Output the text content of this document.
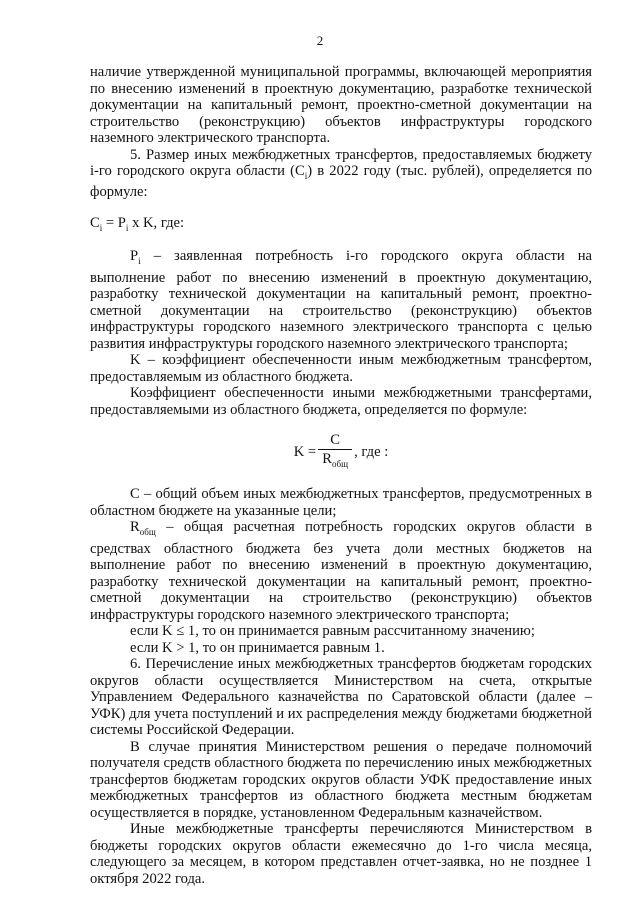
2

наличие утвержденной муниципальной программы, включающей мероприятия по внесению изменений в проектную документацию, разработке технической документации на капитальный ремонт, проектно-сметной документации на строительство (реконструкцию) объектов инфраструктуры городского наземного электрического транспорта.

5. Размер иных межбюджетных трансфертов, предоставляемых бюджету i-го городского округа области $(C_i)$ в 2022 году (тыс. рублей), определяется по формуле:

$C_i = P_i$ x K, где:

$P_i$ – заявленная потребность i-го городского округа области на выполнение работ по внесению изменений в проектную документацию, разработку технической документации на капитальный ремонт, проектно-сметной документации на строительство (реконструкцию) объектов инфраструктуры городского наземного электрического транспорта с целью развития инфраструктуры городского наземного электрического транспорта;

K – коэффициент обеспеченности иным межбюджетным трансфертом, предоставляемым из областного бюджета.

Коэффициент обеспеченности иными межбюджетными трансфертами, предоставляемыми из областного бюджета, определяется по формуле:

$K = \frac{C}{R_{общ}}$ , где :

C – общий объем иных межбюджетных трансфертов, предусмотренных в областном бюджете на указанные цели;

$R_{общ}$ – общая расчетная потребность городских округов области в средствах областного бюджета без учета доли местных бюджетов на выполнение работ по внесению изменений в проектную документацию, разработку технической документации на капитальный ремонт, проектно-сметной документации на строительство (реконструкцию) объектов инфраструктуры городского наземного электрического транспорта;

если K ≤ 1, то он принимается равным рассчитанному значению;

если K > 1, то он принимается равным 1.

6. Перечисление иных межбюджетных трансфертов бюджетам городских округов области осуществляется Министерством на счета, открытые Управлением Федерального казначейства по Саратовской области (далее – УФК) для учета поступлений и их распределения между бюджетами бюджетной системы Российской Федерации.

В случае принятия Министерством решения о передаче полномочий получателя средств областного бюджета по перечислению иных межбюджетных трансфертов бюджетам городских округов области УФК предоставление иных межбюджетных трансфертов из областного бюджета местным бюджетам осуществляется в порядке, установленном Федеральным казначейством.

Иные межбюджетные трансферты перечисляются Министерством в бюджеты городских округов области ежемесячно до 1-го числа месяца, следующего за месяцем, в котором представлен отчет-заявка, но не позднее 1 октября 2022 года.
